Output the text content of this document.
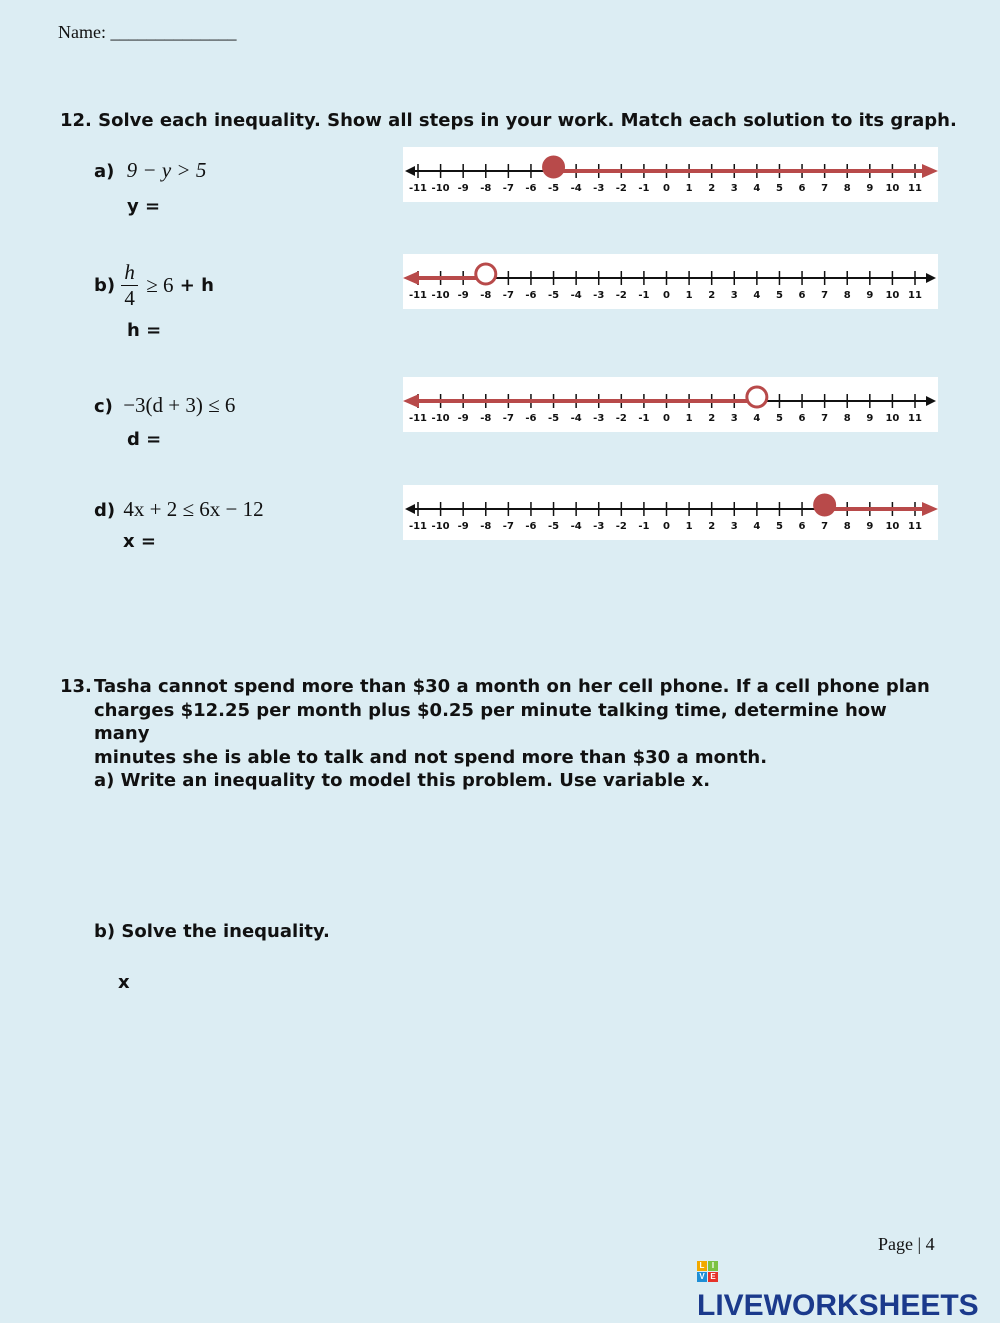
Name: ______________
12. Solve each inequality. Show all steps in your work. Match each solution to its graph.
a) 9 − y > 5
y =
$b) \frac{h}{4} \ge 6 + h$
h =
c) −3(d + 3) ≤ 6
d =
d) 4x + 2 ≤ 6x − 12
x =
-11 -10 -9 -8 -7 -6 -5 -4 -3 -2 -1 0 1 2 3 4 5 6 7 8 9 10 11
-11 -10 -9 -8 -7 -6 -5 -4 -3 -2 -1 0 1 2 3 4 5 6 7 8 9 10 11
-11 -10 -9 -8 -7 -6 -5 -4 -3 -2 -1 0 1 2 3 4 5 6 7 8 9 10 11
-11 -10 -9 -8 -7 -6 -5 -4 -3 -2 -1 0 1 2 3 4 5 6 7 8 9 10 11
13. Tasha cannot spend more than $30 a month on her cell phone. If a cell phone plan
charges $12.25 per month plus $0.25 per minute talking time, determine how many
minutes she is able to talk and not spend more than $30 a month.
a) Write an inequality to model this problem. Use variable x.
b) Solve the inequality.
x
Page | 4
L I
V E
LIVEWORKSHEETS
